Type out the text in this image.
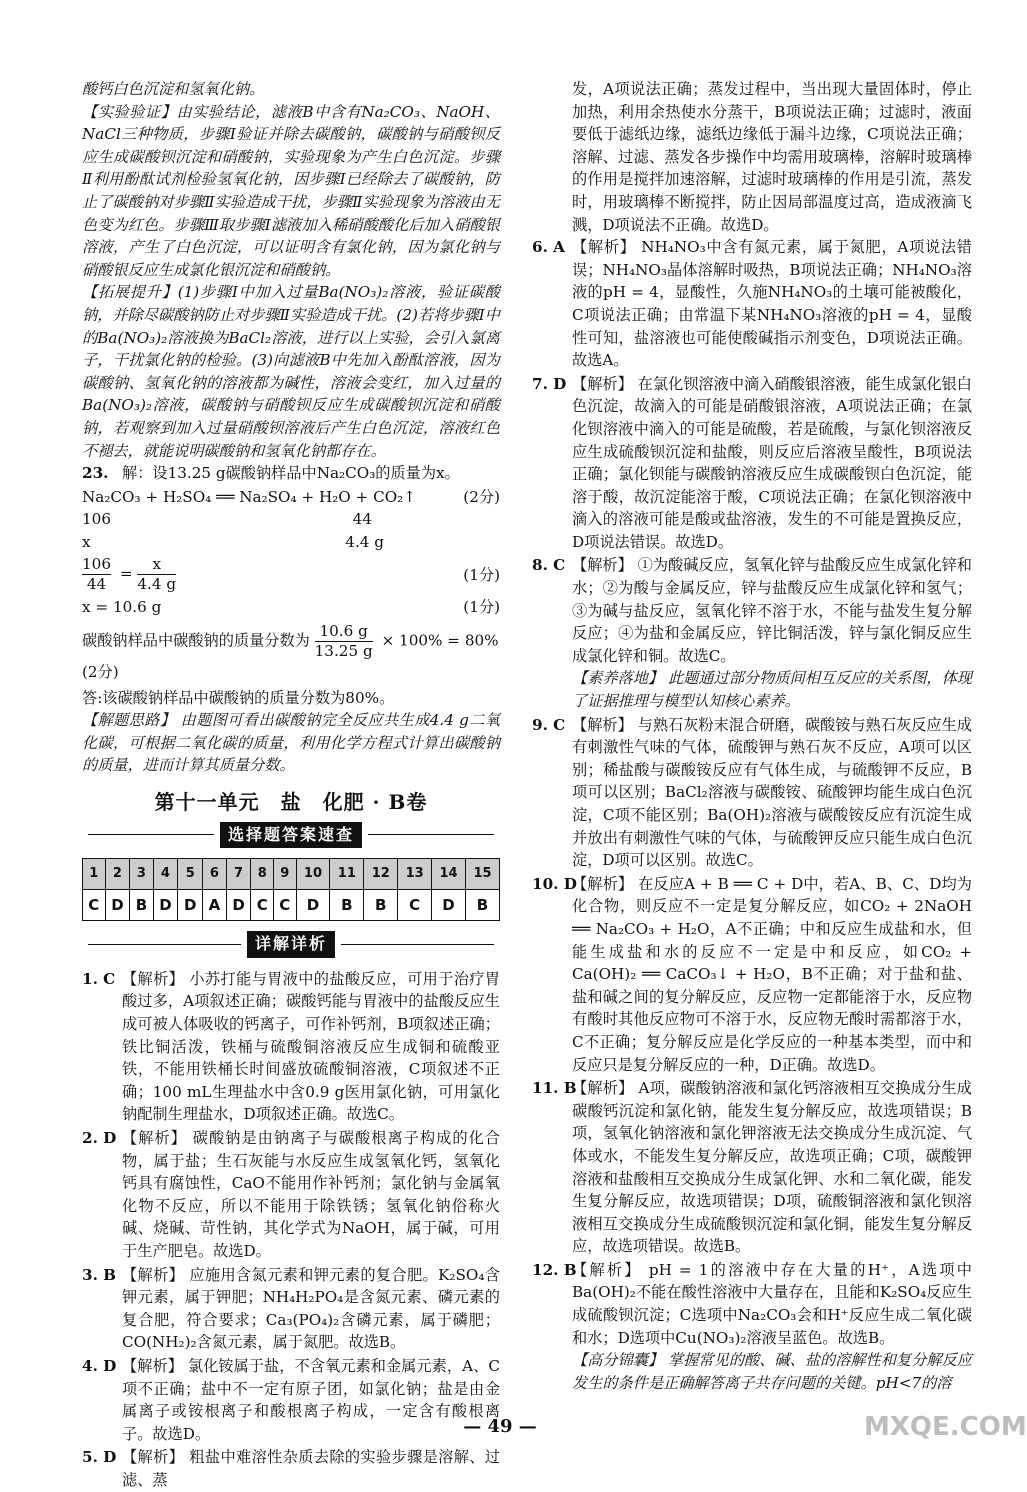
酸钙白色沉淀和氢氧化钠。

【实验验证】由实验结论，滤液B中含有Na₂CO₃、NaOH、NaCl三种物质，步骤Ⅰ验证并除去碳酸钠，碳酸钠与硝酸钡反应生成碳酸钡沉淀和硝酸钠，实验现象为产生白色沉淀。步骤Ⅱ利用酚酞试剂检验氢氧化钠，因步骤Ⅰ已经除去了碳酸钠，防止了碳酸钠对步骤Ⅱ实验造成干扰，步骤Ⅱ实验现象为溶液由无色变为红色。步骤Ⅲ取步骤Ⅰ滤液加入稀硝酸酸化后加入硝酸银溶液，产生了白色沉淀，可以证明含有氯化钠，因为氯化钠与硝酸银反应生成氯化银沉淀和硝酸钠。

【拓展提升】(1)步骤Ⅰ中加入过量Ba(NO₃)₂溶液，验证碳酸钠，并除尽碳酸钠防止对步骤Ⅱ实验造成干扰。(2)若将步骤Ⅰ中的Ba(NO₃)₂溶液换为BaCl₂溶液，进行以上实验，会引入氯离子，干扰氯化钠的检验。(3)向滤液B中先加入酚酞溶液，因为碳酸钠、氢氧化钠的溶液都为碱性，溶液会变红，加入过量的Ba(NO₃)₂溶液，碳酸钠与硝酸钡反应生成碳酸钡沉淀和硝酸钠，若观察到加入过量硝酸钡溶液后产生白色沉淀，溶液红色不褪去，就能说明碳酸钠和氢氧化钠都存在。

23. 解：设13.25 g碳酸钠样品中Na₂CO₃的质量为x。

Na₂CO₃ + H₂SO₄ ══ Na₂SO₄ + H₂O + CO₂↑	(2分)
106	44
x	4.4 g
$\frac{106}{44} = \frac{x}{4.4 g}$	(1分)
x = 10.6 g	(1分)
碳酸钠样品中碳酸钠的质量分数为 $\frac{10.6 g}{13.25 g} \times 100\% = 80\%$ (2分)

答:该碳酸钠样品中碳酸钠的质量分数为80%。

【解题思路】 由题图可看出碳酸钠完全反应共生成4.4 g二氧化碳，可根据二氧化碳的质量，利用化学方程式计算出碳酸钠的质量，进而计算其质量分数。

第十一单元　盐　化肥 · B卷
选择题答案速查
1	2	3	4	5	6	7	8	9	10	11	12	13	14	15
C	D	B	D	D	A	D	C	C	D	B	B	C	D	B
详解详析
1. C 【解析】 小苏打能与胃液中的盐酸反应，可用于治疗胃酸过多，A项叙述正确；碳酸钙能与胃液中的盐酸反应生成可被人体吸收的钙离子，可作补钙剂，B项叙述正确；铁比铜活泼，铁桶与硫酸铜溶液反应生成铜和硫酸亚铁，不能用铁桶长时间盛放硫酸铜溶液，C项叙述不正确；100 mL生理盐水中含0.9 g医用氯化钠，可用氯化钠配制生理盐水，D项叙述正确。故选C。

2. D 【解析】 碳酸钠是由钠离子与碳酸根离子构成的化合物，属于盐；生石灰能与水反应生成氢氧化钙，氢氧化钙具有腐蚀性，CaO不能用作补钙剂；氯化钠与金属氧化物不反应，所以不能用于除铁锈；氢氧化钠俗称火碱、烧碱、苛性钠，其化学式为NaOH，属于碱，可用于生产肥皂。故选D。

3. B 【解析】 应施用含氮元素和钾元素的复合肥。K₂SO₄含钾元素，属于钾肥；NH₄H₂PO₄是含氮元素、磷元素的复合肥，符合要求；Ca₃(PO₄)₂含磷元素，属于磷肥；CO(NH₂)₂含氮元素，属于氮肥。故选B。

4. D 【解析】 氯化铵属于盐，不含氧元素和金属元素，A、C项不正确；盐中不一定有原子团，如氯化钠；盐是由金属离子或铵根离子和酸根离子构成，一定含有酸根离子。故选D。

5. D 【解析】 粗盐中难溶性杂质去除的实验步骤是溶解、过滤、蒸

发，A项说法正确；蒸发过程中，当出现大量固体时，停止加热，利用余热使水分蒸干，B项说法正确；过滤时，液面要低于滤纸边缘，滤纸边缘低于漏斗边缘，C项说法正确；溶解、过滤、蒸发各步操作中均需用玻璃棒，溶解时玻璃棒的作用是搅拌加速溶解，过滤时玻璃棒的作用是引流，蒸发时，用玻璃棒不断搅拌，防止因局部温度过高，造成液滴飞溅，D项说法不正确。故选D。

6. A 【解析】 NH₄NO₃中含有氮元素，属于氮肥，A项说法错误；NH₄NO₃晶体溶解时吸热，B项说法正确；NH₄NO₃溶液的pH = 4，显酸性，久施NH₄NO₃的土壤可能被酸化，C项说法正确；由常温下某NH₄NO₃溶液的pH = 4，显酸性可知，盐溶液也可能使酸碱指示剂变色，D项说法正确。故选A。

7. D 【解析】 在氯化钡溶液中滴入硝酸银溶液，能生成氯化银白色沉淀，故滴入的可能是硝酸银溶液，A项说法正确；在氯化钡溶液中滴入的可能是硫酸，若是硫酸，与氯化钡溶液反应生成硫酸钡沉淀和盐酸，则反应后溶液呈酸性，B项说法正确；氯化钡能与碳酸钠溶液反应生成碳酸钡白色沉淀，能溶于酸，故沉淀能溶于酸，C项说法正确；在氯化钡溶液中滴入的溶液可能是酸或盐溶液，发生的不可能是置换反应，D项说法错误。故选D。

8. C 【解析】 ①为酸碱反应，氢氧化锌与盐酸反应生成氯化锌和水；②为酸与金属反应，锌与盐酸反应生成氯化锌和氢气；③为碱与盐反应，氢氧化锌不溶于水，不能与盐发生复分解反应；④为盐和金属反应，锌比铜活泼，锌与氯化铜反应生成氯化锌和铜。故选C。

【素养落地】 此题通过部分物质间相互反应的关系图，体现了证据推理与模型认知核心素养。

9. C 【解析】 与熟石灰粉末混合研磨，碳酸铵与熟石灰反应生成有刺激性气味的气体，硫酸钾与熟石灰不反应，A项可以区别；稀盐酸与碳酸铵反应有气体生成，与硫酸钾不反应，B项可以区别；BaCl₂溶液与碳酸铵、硫酸钾均能生成白色沉淀，C项不能区别；Ba(OH)₂溶液与碳酸铵反应有沉淀生成并放出有刺激性气味的气体，与硫酸钾反应只能生成白色沉淀，D项可以区别。故选C。

10. D

【解析】 在反应A + B ══ C + D中，若A、B、C、D均为化合物，则反应不一定是复分解反应，如CO₂ + 2NaOH ══ Na₂CO₃ + H₂O，A不正确；中和反应生成盐和水，但能生成盐和水的反应不一定是中和反应，如CO₂ + Ca(OH)₂ ══ CaCO₃↓ + H₂O，B不正确；对于盐和盐、盐和碱之间的复分解反应，反应物一定都能溶于水，反应物有酸时其他反应物可不溶于水，反应物无酸时需都溶于水，C不正确；复分解反应是化学反应的一种基本类型，而中和反应只是复分解反应的一种，D正确。故选D。

11. B

【解析】 A项，碳酸钠溶液和氯化钙溶液相互交换成分生成碳酸钙沉淀和氯化钠，能发生复分解反应，故选项错误；B项，氢氧化钠溶液和氯化钾溶液无法交换成分生成沉淀、气体或水，不能发生复分解反应，故选项正确；C项，碳酸钾溶液和盐酸相互交换成分生成氯化钾、水和二氧化碳，能发生复分解反应，故选项错误；D项，硫酸铜溶液和氯化钡溶液相互交换成分生成硫酸钡沉淀和氯化铜，能发生复分解反应，故选项错误。故选B。

12. B

【解析】 pH = 1的溶液中存在大量的H⁺，A选项中Ba(OH)₂不能在酸性溶液中大量存在，且能和K₂SO₄反应生成硫酸钡沉淀；C选项中Na₂CO₃会和H⁺反应生成二氧化碳和水；D选项中Cu(NO₃)₂溶液呈蓝色。故选B。

【高分锦囊】 掌握常见的酸、碱、盐的溶解性和复分解反应发生的条件是正确解答离子共存问题的关键。pH<7的溶

— 49 —	MXQE.COM
